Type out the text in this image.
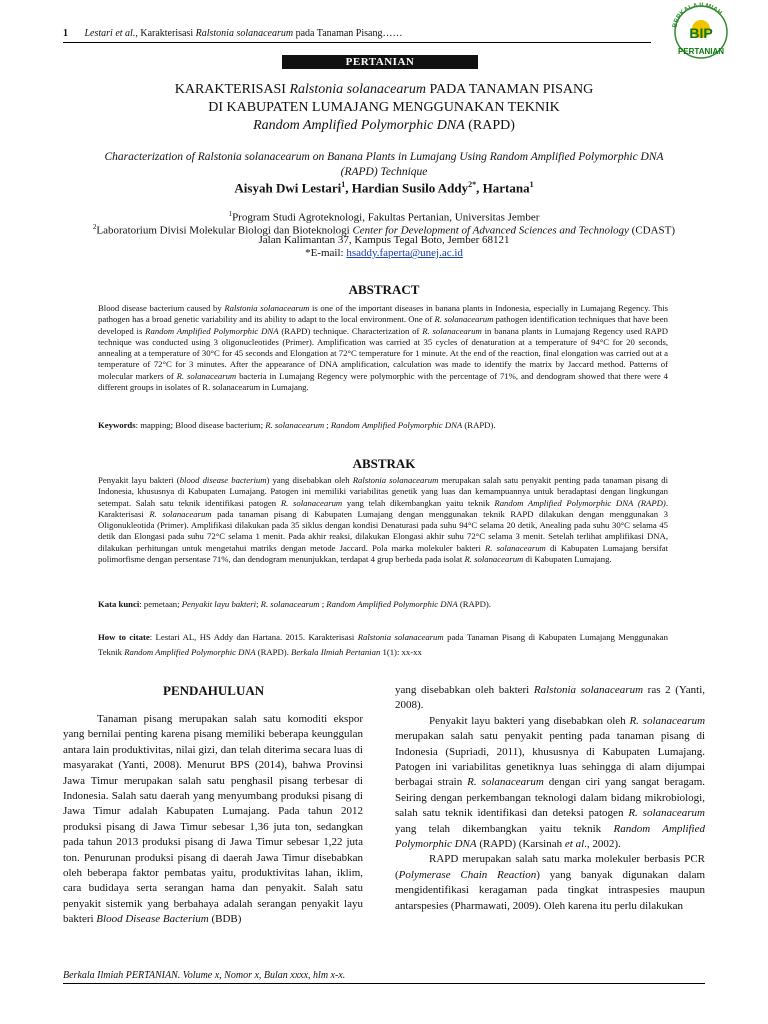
1 Lestari et al., Karakterisasi Ralstonia solanacearum pada Tanaman Pisang……
BERKALA ILMIAH
BIP
PERTANIAN
PERTANIAN
KARAKTERISASI Ralstonia solanacearum PADA TANAMAN PISANG
DI KABUPATEN LUMAJANG MENGGUNAKAN TEKNIK
Random Amplified Polymorphic DNA (RAPD)
Characterization of Ralstonia solanacearum on Banana Plants in Lumajang Using Random Amplified Polymorphic DNA
(RAPD) Technique
Aisyah Dwi Lestari$^1$, Hardian Susilo Addy$^{2*}$, Hartana$^1$
$^1$Program Studi Agroteknologi, Fakultas Pertanian, Universitas Jember
$^2$Laboratorium Divisi Molekular Biologi dan Bioteknologi Center for Development of Advanced Sciences and Technology (CDAST)
Jalan Kalimantan 37, Kampus Tegal Boto, Jember 68121
*E-mail: hsaddy.faperta@unej.ac.id
ABSTRACT
Blood disease bacterium caused by Ralstonia solanacearum is one of the important diseases in banana plants in Indonesia, especially in Lumajang Regency. This pathogen has a broad genetic variability and its ability to adapt to the local environment. One of R. solanacearum pathogen identification techniques that have been developed is Random Amplified Polymorphic DNA (RAPD) technique. Characterization of R. solanacearum in banana plants in Lumajang Regency used RAPD technique was conducted using 3 oligonucleotides (Primer). Amplification was carried at 35 cycles of denaturation at a temperature of 94°C for 20 seconds, annealing at a temperature of 30°C for 45 seconds and Elongation at 72°C temperature for 1 minute. At the end of the reaction, final elongation was carried out at a temperature of 72°C for 3 minutes. After the appearance of DNA amplification, calculation was made to identify the matrix by Jaccard method. Patterns of molecular markers of R. solanacearum bacteria in Lumajang Regency were polymorphic with the percentage of 71%, and dendogram showed that there were 4 different groups in isolates of R. solanacearum in Lumajang.
Keywords: mapping; Blood disease bacterium; R. solanacearum ; Random Amplified Polymorphic DNA (RAPD).
ABSTRAK
Penyakit layu bakteri (blood disease bacterium) yang disebabkan oleh Ralstonia solanacearum merupakan salah satu penyakit penting pada tanaman pisang di Indonesia, khususnya di Kabupaten Lumajang. Patogen ini memiliki variabilitas genetik yang luas dan kemampuannya untuk beradaptasi dengan lingkungan setempat. Salah satu teknik identifikasi patogen R. solanacearum yang telah dikembangkan yaitu teknik Random Amplified Polymorphic DNA (RAPD). Karakterisasi R. solanacearum pada tanaman pisang di Kabupaten Lumajang dengan menggunakan teknik RAPD dilakukan dengan menggunakan 3 Oligonukleotida (Primer). Amplifikasi dilakukan pada 35 siklus dengan kondisi Denaturasi pada suhu 94°C selama 20 detik, Anealing pada suhu 30°C selama 45 detik dan Elongasi pada suhu 72°C selama 1 menit. Pada akhir reaksi, dilakukan Elongasi akhir suhu 72°C selama 3 menit. Setelah terlihat amplifikasi DNA, dilakukan perhitungan untuk mengetahui matriks dengan metode Jaccard. Pola marka molekuler bakteri R. solanacearum di Kabupaten Lumajang bersifat polimorfisme dengan persentase 71%, dan dendogram menunjukkan, terdapat 4 grup berbeda pada isolat R. solanacearum di Kabupaten Lumajang.
Kata kunci: pemetaan; Penyakit layu bakteri; R. solanacearum ; Random Amplified Polymorphic DNA (RAPD).
How to citate: Lestari AL, HS Addy dan Hartana. 2015. Karakterisasi Ralstonia solanacearum pada Tanaman Pisang di Kabupaten Lumajang Menggunakan Teknik Random Amplified Polymorphic DNA (RAPD). Berkala Ilmiah Pertanian 1(1): xx-xx
PENDAHULUAN

Tanaman pisang merupakan salah satu komoditi ekspor yang bernilai penting karena pisang memiliki beberapa keunggulan antara lain produktivitas, nilai gizi, dan telah diterima secara luas di masyarakat (Yanti, 2008). Menurut BPS (2014), bahwa Provinsi Jawa Timur merupakan salah satu penghasil pisang terbesar di Indonesia. Salah satu daerah yang menyumbang produksi pisang di Jawa Timur adalah Kabupaten Lumajang. Pada tahun 2012 produksi pisang di Jawa Timur sebesar 1,36 juta ton, sedangkan pada tahun 2013 produksi pisang di Jawa Timur sebesar 1,22 juta ton. Penurunan produksi pisang di daerah Jawa Timur disebabkan oleh beberapa faktor pembatas yaitu, produktivitas lahan, iklim, cara budidaya serta serangan hama dan penyakit. Salah satu penyakit sistemik yang berbahaya adalah serangan penyakit layu bakteri Blood Disease Bacterium (BDB)

yang disebabkan oleh bakteri Ralstonia solanacearum ras 2 (Yanti, 2008).

Penyakit layu bakteri yang disebabkan oleh R. solanacearum merupakan salah satu penyakit penting pada tanaman pisang di Indonesia (Supriadi, 2011), khususnya di Kabupaten Lumajang. Patogen ini variabilitas genetiknya luas sehingga di alam dijumpai berbagai strain R. solanacearum dengan ciri yang sangat beragam. Seiring dengan perkembangan teknologi dalam bidang mikrobiologi, salah satu teknik identifikasi dan deteksi patogen R. solanacearum yang telah dikembangkan yaitu teknik Random Amplified Polymorphic DNA (RAPD) (Karsinah et al., 2002).

RAPD merupakan salah satu marka molekuler berbasis PCR (Polymerase Chain Reaction) yang banyak digunakan dalam mengidentifikasi keragaman pada tingkat intraspesies maupun antarspesies (Pharmawati, 2009). Oleh karena itu perlu dilakukan

Berkala Ilmiah PERTANIAN. Volume x, Nomor x, Bulan xxxx, hlm x-x.
